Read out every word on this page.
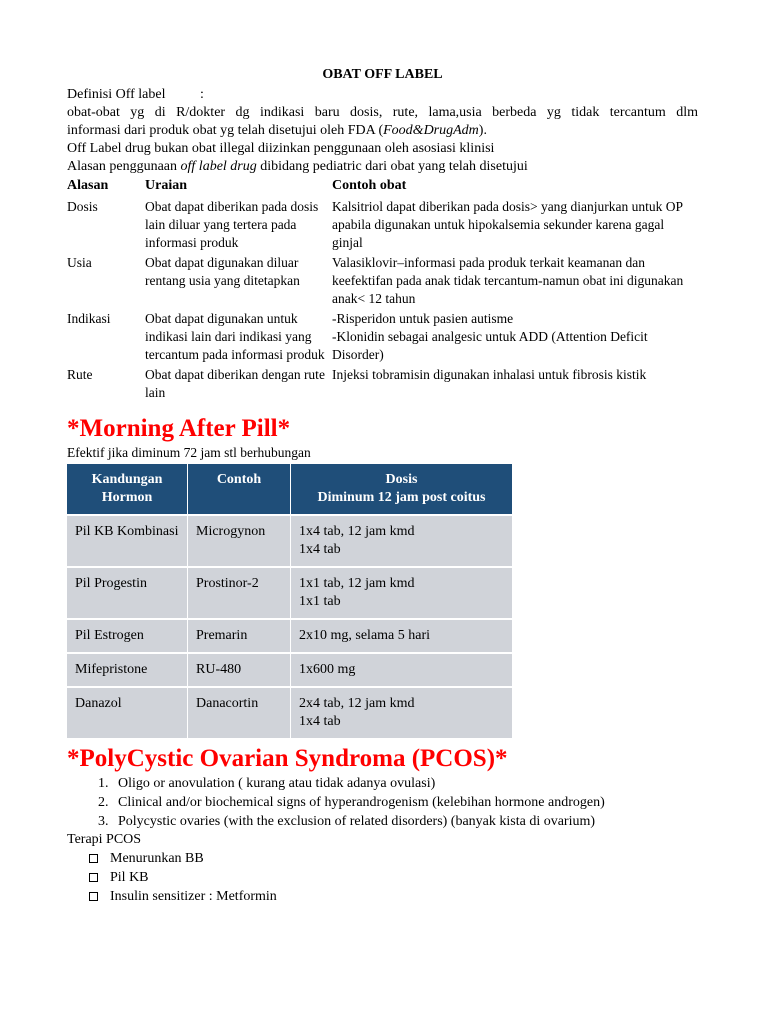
OBAT OFF LABEL
Definisi Off label :
obat-obat yg di R/dokter dg indikasi baru dosis, rute, lama,usia berbeda yg tidak tercantum dlm
informasi dari produk obat yg telah disetujui oleh FDA (Food&DrugAdm).
Off Label drug bukan obat illegal diizinkan penggunaan oleh asosiasi klinisi
Alasan penggunaan off label drug dibidang pediatric dari obat yang telah disetujui
Alasan	Uraian	Contoh obat
Dosis	Obat dapat diberikan pada dosis lain diluar yang tertera pada informasi produk	Kalsitriol dapat diberikan pada dosis> yang dianjurkan untuk OP apabila digunakan untuk hipokalsemia sekunder karena gagal ginjal
Usia	Obat dapat digunakan diluar rentang usia yang ditetapkan	Valasiklovir–informasi pada produk terkait keamanan dan keefektifan pada anak tidak tercantum-namun obat ini digunakan anak< 12 tahun
Indikasi	Obat dapat digunakan untuk indikasi lain dari indikasi yang tercantum pada informasi produk	-Risperidon untuk pasien autisme
-Klonidin sebagai analgesic untuk ADD (Attention Deficit Disorder)

Rute	Obat dapat diberikan dengan rute lain	Injeksi tobramisin digunakan inhalasi untuk fibrosis kistik
*Morning After Pill*
Efektif jika diminum 72 jam stl berhubungan
Kandungan Hormon	Contoh	Dosis
Diminum 12 jam post coitus

Pil KB Kombinasi	Microgynon	1x4 tab, 12 jam kmd
1x4 tab

Pil Progestin	Prostinor-2	1x1 tab, 12 jam kmd
1x1 tab

Pil Estrogen	Premarin	2x10 mg, selama 5 hari

Mifepristone	RU-480	1x600 mg

Danazol	Danacortin	2x4 tab, 12 jam kmd
1x4 tab
*PolyCystic Ovarian Syndroma (PCOS)*
1. Oligo or anovulation ( kurang atau tidak adanya ovulasi)
2. Clinical and/or biochemical signs of hyperandrogenism (kelebihan hormone androgen)
3. Polycystic ovaries (with the exclusion of related disorders) (banyak kista di ovarium)
Terapi PCOS
Menurunkan BB
Pil KB
Insulin sensitizer : Metformin
